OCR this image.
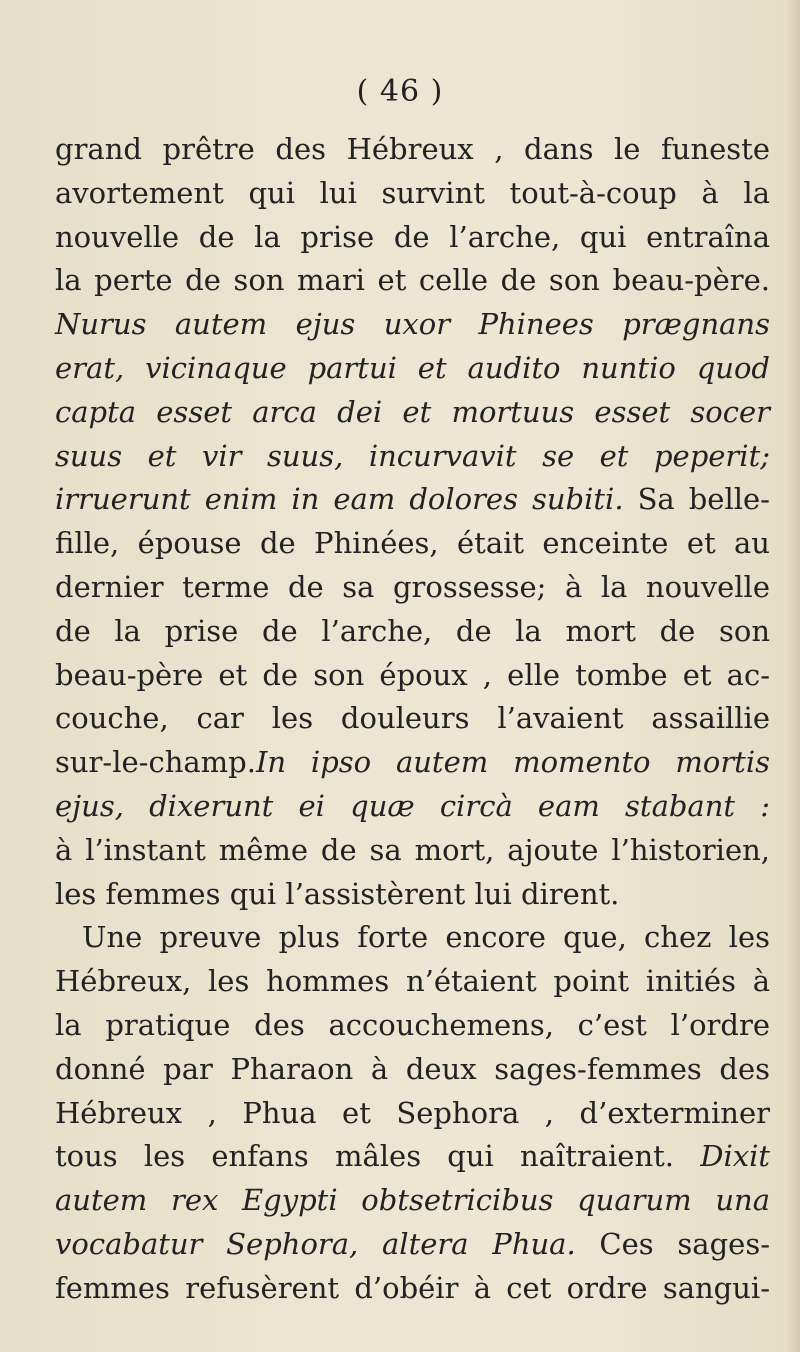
( 46 )
grand prêtre des Hébreux , dans le funeste
avortement qui lui survint tout-à-coup à la
nouvelle de la prise de l’arche, qui entraîna
la perte de son mari et celle de son beau-père.
Nurus autem ejus uxor Phinees prægnans
erat, vicinaque partui et audito nuntio quod
capta esset arca dei et mortuus esset socer
suus et vir suus, incurvavit se et peperit;
irruerunt enim in eam dolores subiti. Sa belle-
fille, épouse de Phinées, était enceinte et au
dernier terme de sa grossesse; à la nouvelle
de la prise de l’arche, de la mort de son
beau-père et de son époux , elle tombe et ac-
couche, car les douleurs l’avaient assaillie
sur-le-champ.In ipso autem momento mortis
ejus, dixerunt ei quæ circà eam stabant :
à l’instant même de sa mort, ajoute l’historien,
les femmes qui l’assistèrent lui dirent.
Une preuve plus forte encore que, chez les
Hébreux, les hommes n’étaient point initiés à
la pratique des accouchemens, c’est l’ordre
donné par Pharaon à deux sages-femmes des
Hébreux , Phua et Sephora , d’exterminer
tous les enfans mâles qui naîtraient. Dixit
autem rex Egypti obtsetricibus quarum una
vocabatur Sephora, altera Phua. Ces sages-
femmes refusèrent d’obéir à cet ordre sangui-
